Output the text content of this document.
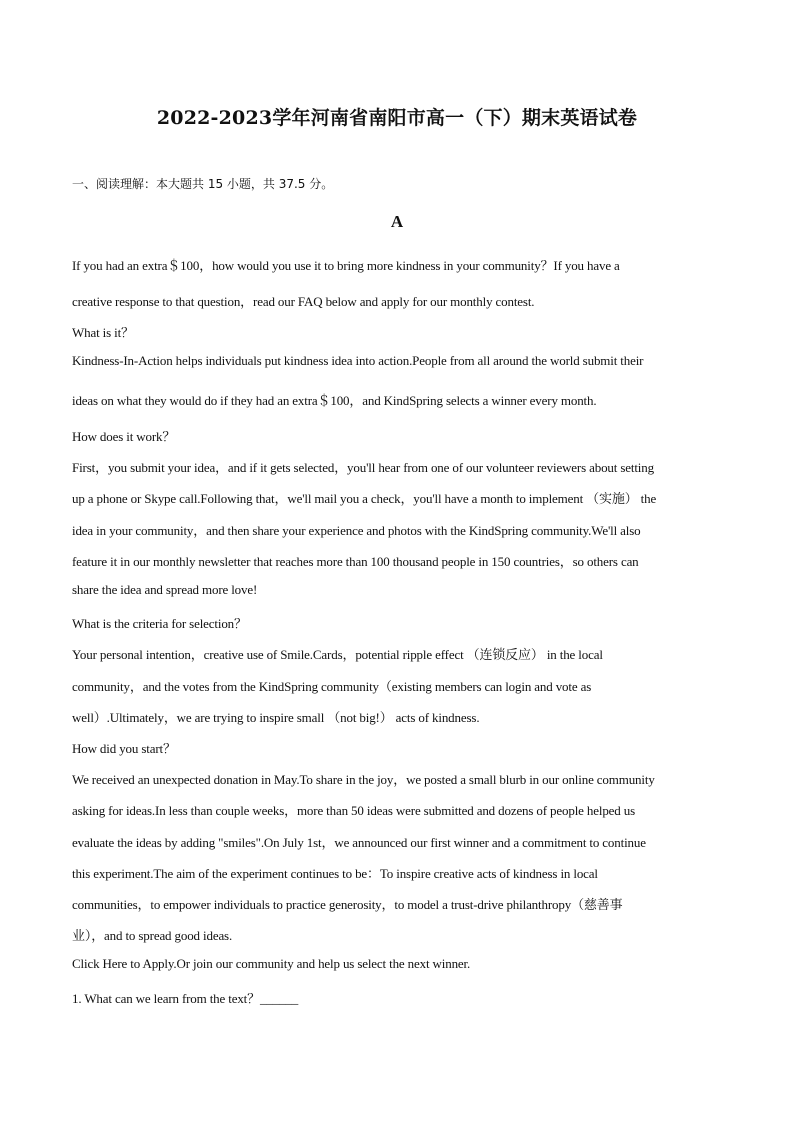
2022-2023学年河南省南阳市高一（下）期末英语试卷
一、阅读理解：本大题共 15 小题，共 37.5 分。
A
If you had an extra＄100，how would you use it to bring more kindness in your community？If you have a
creative response to that question，read our FAQ below and apply for our monthly contest.
What is it？
Kindness-In-Action helps individuals put kindness idea into action.People from all around the world submit their
ideas on what they would do if they had an extra＄100，and KindSpring selects a winner every month.
How does it work？
First，you submit your idea，and if it gets selected，you'll hear from one of our volunteer reviewers about setting
up a phone or Skype call.Following that，we'll mail you a check，you'll have a month to implement （实施） the
idea in your community，and then share your experience and photos with the KindSpring community.We'll also
feature it in our monthly newsletter that reaches more than 100 thousand people in 150 countries，so others can
share the idea and spread more love!
What is the criteria for selection？
Your personal intention，creative use of Smile.Cards，potential ripple effect （连锁反应） in the local
community，and the votes from the KindSpring community（existing members can login and vote as
well）.Ultimately，we are trying to inspire small （not big!） acts of kindness.
How did you start？
We received an unexpected donation in May.To share in the joy，we posted a small blurb in our online community
asking for ideas.In less than couple weeks，more than 50 ideas were submitted and dozens of people helped us
evaluate the ideas by adding "smiles".On July 1st，we announced our first winner and a commitment to continue
this experiment.The aim of the experiment continues to be：To inspire creative acts of kindness in local
communities，to empower individuals to practice generosity，to model a trust-drive philanthropy（慈善事
业），and to spread good ideas.
Click Here to Apply.Or join our community and help us select the next winner.
1. What can we learn from the text？______
